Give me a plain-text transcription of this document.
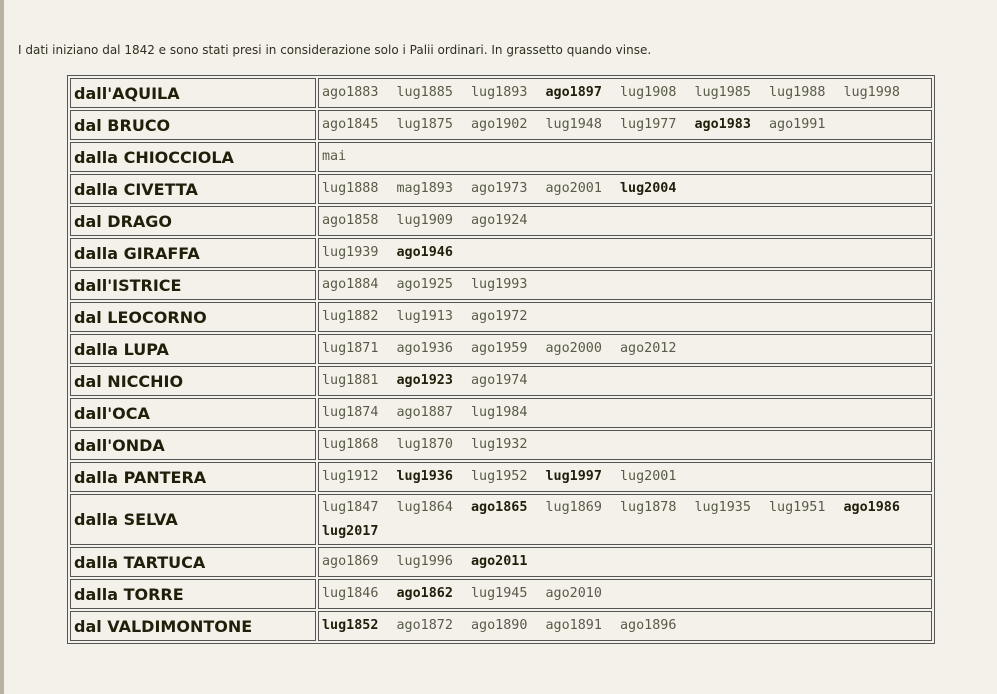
I dati iniziano dal 1842 e sono stati presi in considerazione solo i Palii ordinari. In grassetto quando vinse.

dall'AQUILA	ago1883 lug1885 lug1893 ago1897 lug1908 lug1985 lug1988 lug1998
dal BRUCO	ago1845 lug1875 ago1902 lug1948 lug1977 ago1983 ago1991
dalla CHIOCCIOLA	mai
dalla CIVETTA	lug1888 mag1893 ago1973 ago2001 lug2004
dal DRAGO	ago1858 lug1909 ago1924
dalla GIRAFFA	lug1939 ago1946
dall'ISTRICE	ago1884 ago1925 lug1993
dal LEOCORNO	lug1882 lug1913 ago1972
dalla LUPA	lug1871 ago1936 ago1959 ago2000 ago2012
dal NICCHIO	lug1881 ago1923 ago1974
dall'OCA	lug1874 ago1887 lug1984
dall'ONDA	lug1868 lug1870 lug1932
dalla PANTERA	lug1912 lug1936 lug1952 lug1997 lug2001
dalla SELVA	lug1847 lug1864 ago1865 lug1869 lug1878 lug1935 lug1951 ago1986 lug2017
dalla TARTUCA	ago1869 lug1996 ago2011
dalla TORRE	lug1846 ago1862 lug1945 ago2010
dal VALDIMONTONE	lug1852 ago1872 ago1890 ago1891 ago1896
